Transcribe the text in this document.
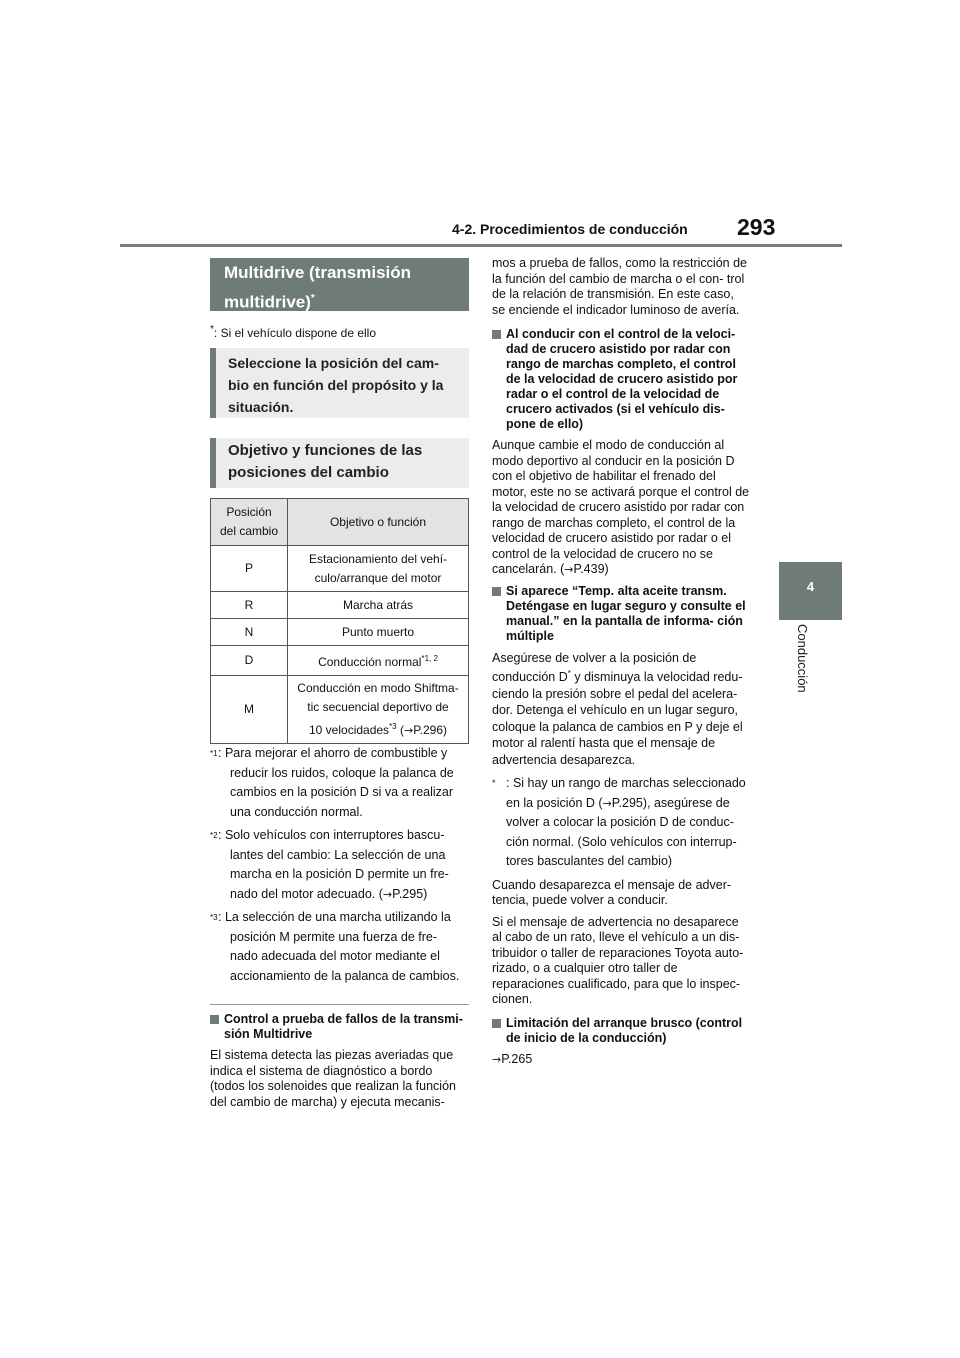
4-2. Procedimientos de conducción 293
4
Conducción
Multidrive (transmisión
multidrive)*
*: Si el vehículo dispone de ello
Seleccione la posición del cam-
bio en función del propósito y la
situación.
Objetivo y funciones de las
posiciones del cambio
Posición
del cambio	Objetivo o función
P	Estacionamiento del vehí-
culo/arranque del motor
R	Marcha atrás
N	Punto muerto
D	Conducción normal$^{*1, 2}$
M	Conducción en modo Shiftma-
tic secuencial deportivo de
10 velocidades$^{*3}$ (→P.296)
$^{*1}$ : Para mejorar el ahorro de combustible y
reducir los ruidos, coloque la palanca de
cambios en la posición D si va a realizar
una conducción normal.
$^{*2}$ : Solo vehículos con interruptores bascu-
lantes del cambio: La selección de una
marcha en la posición D permite un fre-
nado del motor adecuado. (→P.295)
$^{*3}$ : La selección de una marcha utilizando la
posición M permite una fuerza de fre-
nado adecuada del motor mediante el
accionamiento de la palanca de cambios.
Control a prueba de fallos de la transmi- sión Multidrive
El sistema detecta las piezas averiadas que indica el sistema de diagnóstico a bordo (todos los solenoides que realizan la función del cambio de marcha) y ejecuta mecanis-
mos a prueba de fallos, como la restricción de la función del cambio de marcha o el con- trol de la relación de transmisión. En este caso, se enciende el indicador luminoso de avería.
Al conducir con el control de la veloci- dad de crucero asistido por radar con rango de marchas completo, el control de la velocidad de crucero asistido por radar o el control de la velocidad de crucero activados (si el vehículo dis- pone de ello)
Aunque cambie el modo de conducción al modo deportivo al conducir en la posición D con el objetivo de habilitar el frenado del motor, este no se activará porque el control de la velocidad de crucero asistido por radar con rango de marchas completo, el control de la velocidad de crucero asistido por radar o el control de la velocidad de crucero no se cancelarán. (→P.439)
Si aparece “Temp. alta aceite transm. Deténgase en lugar seguro y consulte el manual.” en la pantalla de informa- ción múltiple
Asegúrese de volver a la posición de conducción D* y disminuya la velocidad redu- ciendo la presión sobre el pedal del acelera- dor. Detenga el vehículo en un lugar seguro, coloque la palanca de cambios en P y deje el motor al ralentí hasta que el mensaje de advertencia desaparezca.
* : Si hay un rango de marchas seleccionado en la posición D (→P.295), asegúrese de volver a colocar la posición D de conduc- ción normal. (Solo vehículos con interrup- tores basculantes del cambio)
Cuando desaparezca el mensaje de adver- tencia, puede volver a conducir.
Si el mensaje de advertencia no desaparece al cabo de un rato, lleve el vehículo a un dis- tribuidor o taller de reparaciones Toyota auto- rizado, o a cualquier otro taller de reparaciones cualificado, para que lo inspec- cionen.
Limitación del arranque brusco (control de inicio de la conducción)
→P.265
